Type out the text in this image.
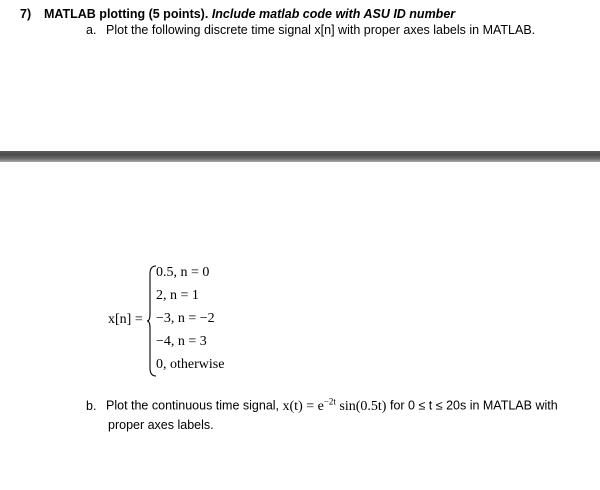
7) MATLAB plotting (5 points). Include matlab code with ASU ID number
a. Plot the following discrete time signal x[n] with proper axes labels in MATLAB.
x[n] =
0.5, n = 0
2, n = 1
−3, n = −2
−4, n = 3
0, otherwise
b. Plot the continuous time signal, $x(t) = e^{-2t}$ sin(0.5t) for 0 ≤ t ≤ 20s in MATLAB with
proper axes labels.
